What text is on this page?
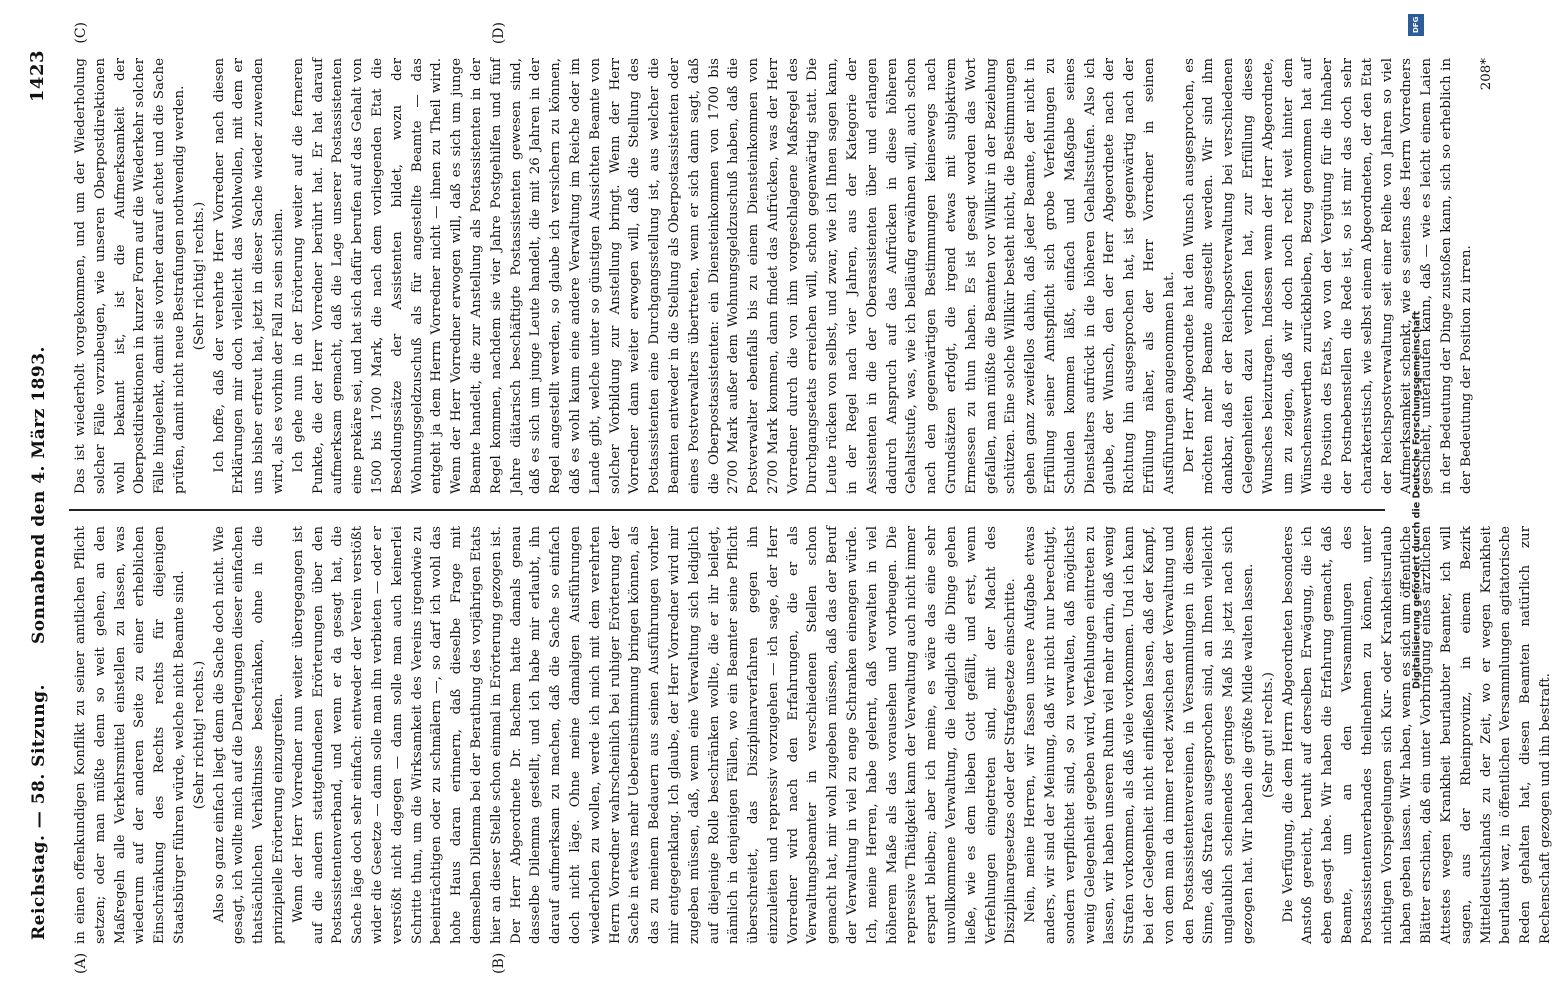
Reichstag. — 58. Sitzung.
Sonnabend den 4. März 1893.
1423
(A)	(B)
(C)	(D)

in einen offenkundigen Konflikt zu seiner amtlichen Pflicht setzen; oder man müßte denn so weit gehen, an den Maßregeln alle Verkehrsmittel einstellen zu lassen, was wiederum auf der anderen Seite zu einer erheblichen Einschränkung des Rechts rechts für diejenigen Staatsbürger führen würde, welche nicht Beamte sind. (Sehr richtig! rechts.) Also so ganz einfach liegt denn die Sache doch nicht. Wie gesagt, ich wollte mich auf die Darlegungen dieser einfachen thatsächlichen Verhältnisse beschränken, ohne in die prinzipielle Erörterung einzugreifen. Wenn der Herr Vorredner nun weiter übergegangen ist auf die andern stattgefundenen Erörterungen über den Postassistentenverband, und wenn er da gesagt hat, die Sache läge doch sehr einfach: entweder der Verein verstößt wider die Gesetze — dann solle man ihn verbieten — oder er verstößt nicht dagegen — dann solle man auch keinerlei Schritte thun, um die Wirksamkeit des Vereins irgendwie zu beeinträchtigen oder zu schmälern —, so darf ich wohl das hohe Haus daran erinnern, daß dieselbe Frage mit demselben Dilemma bei der Berathung des vorjährigen Etats hier an dieser Stelle schon einmal in Erörterung gezogen ist. Der Herr Abgeordnete Dr. Bachem hatte damals genau dasselbe Dilemma gestellt, und ich habe mir erlaubt, ihn darauf aufmerksam zu machen, daß die Sache so einfach doch nicht läge. Ohne meine damaligen Ausführungen wiederholen zu wollen, werde ich mich mit dem verehrten Herrn Vorredner wahrscheinlich bei ruhiger Erörterung der Sache in etwas mehr Uebereinstimmung bringen können, als das zu meinem Bedauern aus seinen Ausführungen vorher mir entgegenklang. Ich glaube, der Herr Vorredner wird mir zugeben müssen, daß, wenn eine Verwaltung sich lediglich auf diejenige Rolle beschränken wollte, die er ihr beilegt, nämlich in denjenigen Fällen, wo ein Beamter seine Pflicht überschreitet, das Disziplinarverfahren gegen ihn einzuleiten und repressiv vorzugehen — ich sage, der Herr Vorredner wird nach den Erfahrungen, die er als Verwaltungsbeamter in verschiedenen Stellen schon gemacht hat, mir wohl zugeben müssen, daß das der Beruf der Verwaltung in viel zu enge Schranken einengen würde. Ich, meine Herren, habe gelernt, daß verwalten in viel höherem Maße als das vorausehen und vorbeugen. Die repressive Thätigkeit kann der Verwaltung auch nicht immer erspart bleiben; aber ich meine, es wäre das eine sehr unvollkommene Verwaltung, die lediglich die Dinge gehen ließe, wie es dem lieben Gott gefällt, und erst, wenn Verfehlungen eingetreten sind, mit der Macht des Disziplinargesetzes oder der Strafgesetze einschritte. Nein, meine Herren, wir fassen unsere Aufgabe etwas anders, wir sind der Meinung, daß wir nicht nur berechtigt, sondern verpflichtet sind, so zu verwalten, daß möglichst wenig Gelegenheit gegeben wird, Verfehlungen eintreten zu lassen, wir haben unseren Ruhm viel mehr darin, daß wenig Strafen vorkommen, als daß viele vorkommen. Und ich kann bei der Gelegenheit nicht einfließen lassen, daß der Kampf, von dem man da immer redet zwischen der Verwaltung und den Postassistentenvereinen, in Versammlungen in diesem Sinne, daß Strafen ausgesprochen sind, an Ihnen vielleicht unglaublich scheinendes geringes Maß bis jetzt nach sich gezogen hat. Wir haben die größte Milde walten lassen. (Sehr gut! rechts.) Die Verfügung, die dem Herrn Abgeordneten besonderes Anstoß gereicht, beruht auf derselben Erwägung, die ich eben gesagt habe. Wir haben die Erfahrung gemacht, daß Beamte, um an den Versammlungen des Postassistentenverbandes theilnehmen zu können, unter nichtigen Vorspiegelungen sich Kur- oder Krankheitsurlaub haben geben lassen. Wir haben, wenn es sich um öffentliche Blätter erschien, daß ein unter Vorbringung eines ärztlichen Attestes wegen Krankheit beurlaubter Beamter, ich will sagen, aus der Rheinprovinz, in einem Bezirk Mitteldeutschlands zu der Zeit, wo er wegen Krankheit beurlaubt war, in öffentlichen Versammlungen agitatorische Reden gehalten hat, diesen Beamten natürlich zur Rechenschaft gezogen und ihn bestraft.

Das ist wiederholt vorgekommen, und um der Wiederholung solcher Fälle vorzubeugen, wie unseren Oberpostdirektionen wohl bekannt ist, ist die Aufmerksamkeit der Oberpostdirektionen in kurzer Form auf die Wiederkehr solcher Fälle hingelenkt, damit sie vorher darauf achtet und die Sache prüfen, damit nicht neue Bestrafungen nothwendig werden. (Sehr richtig! rechts.) Ich hoffe, daß der verehrte Herr Vorredner nach diesen Erklärungen mir doch vielleicht das Wohlwollen, mit dem er uns bisher erfreut hat, jetzt in dieser Sache wieder zuwenden wird, als es vorhin der Fall zu sein schien. Ich gehe nun in der Erörterung weiter auf die ferneren Punkte, die der Herr Vorredner berührt hat. Er hat darauf aufmerksam gemacht, daß die Lage unserer Postassistenten eine prekäre sei, und hat sich dafür berufen auf das Gehalt von 1500 bis 1700 Mark, die nach dem vorliegenden Etat die Besoldungssätze der Assistenten bildet, wozu der Wohnungsgeldzuschuß als für angestellte Beamte — das entgeht ja dem Herrn Vorredner nicht — ihnen zu Theil wird. Wenn der Herr Vorredner erwogen will, daß es sich um junge Beamte handelt, die zur Anstellung als Postassistenten in der Regel kommen, nachdem sie vier Jahre Postgehilfen und fünf Jahre diätarisch beschäftigte Postassistenten gewesen sind, daß es sich um junge Leute handelt, die mit 26 Jahren in der Regel angestellt werden, so glaube ich versichern zu können, daß es wohl kaum eine andere Verwaltung im Reiche oder im Lande gibt, welche unter so günstigen Aussichten Beamte von solcher Vorbildung zur Anstellung bringt. Wenn der Herr Vorredner dann weiter erwogen will, daß die Stellung des Postassistenten eine Durchgangsstellung ist, aus welcher die Beamten entweder in die Stellung als Oberpostassistenten oder eines Postverwalters übertreten, wenn er sich dann sagt, daß die Oberpostassistenten: ein Diensteinkommen von 1700 bis 2700 Mark außer dem Wohnungsgeldzuschuß haben, daß die Postverwalter ebenfalls bis zu einem Diensteinkommen von 2700 Mark kommen, dann findet das Aufrücken, was der Herr Vorredner durch die von ihm vorgeschlagene Maßregel des Durchgangsetats erreichen will, schon gegenwärtig statt. Die Leute rücken von selbst, und zwar, wie ich Ihnen sagen kann, in der Regel nach vier Jahren, aus der Kategorie der Assistenten in die der Oberassistenten über und erlangen dadurch Anspruch auf das Aufrücken in diese höheren Gehaltsstufe, was, wie ich beiläufig erwähnen will, auch schon nach den gegenwärtigen Bestimmungen keineswegs nach Grundsätzen erfolgt, die irgend etwas mit subjektivem Ermessen zu thun haben. Es ist gesagt worden das Wort gefallen, man müßte die Beamten vor Willkür in der Beziehung schützen. Eine solche Willkür besteht nicht, die Bestimmungen gehen ganz zweifellos dahin, daß jeder Beamte, der nicht in Erfüllung seiner Amtspflicht sich grobe Verfehlungen zu Schulden kommen läßt, einfach und Maßgabe seines Dienstalters aufrückt in die höheren Gehaltsstufen. Also ich glaube, der Wunsch, den der Herr Abgeordnete nach der Richtung hin ausgesprochen hat, ist gegenwärtig nach der Erfüllung näher, als der Herr Vorredner in seinen Ausführungen angenommen hat. Der Herr Abgeordnete hat den Wunsch ausgesprochen, es möchten mehr Beamte angestellt werden. Wir sind ihm dankbar, daß er der Reichspostverwaltung bei verschiedenen Gelegenheiten dazu verholfen hat, zur Erfüllung dieses Wunsches beizutragen. Indessen wenn der Herr Abgeordnete, um zu zeigen, daß wir doch noch recht weit hinter dem Wünschenswerthen zurückbleiben, Bezug genommen hat auf die Position des Etats, wo von der Vergütung für die Inhaber der Postnebenstellen die Rede ist, so ist mir das doch sehr charakteristisch, wie selbst einem Abgeordneten, der den Etat der Reichspostverwaltung seit einer Reihe von Jahren so viel Aufmerksamkeit schenkt, wie es seitens des Herrn Vorredners geschieht, unterlaufen kann, daß — wie es leicht einem Laien in der Bedeutung der Dinge zustoßen kann, sich so erheblich in der Bedeutung der Position zu irren.

208*

DFG
Digitalisierung gefördert durch die Deutsche Forschungsgemeinschaft
